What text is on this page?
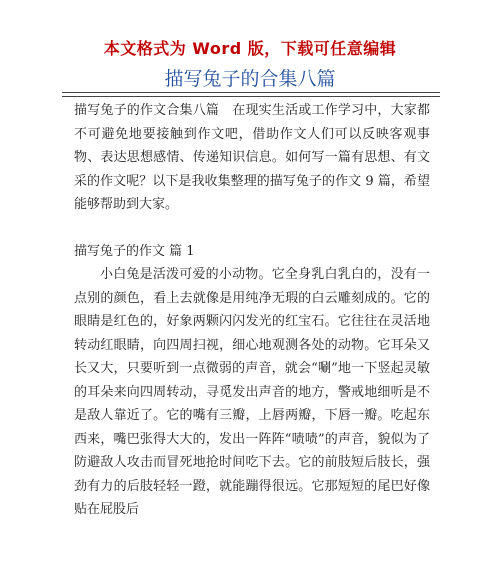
本文格式为 Word 版，下载可任意编辑
描写兔子的合集八篇

描写兔子的作文合集八篇　在现实生活或工作学习中，大家都不可避免地要接触到作文吧，借助作文人们可以反映客观事物、表达思想感情、传递知识信息。如何写一篇有思想、有文采的作文呢？以下是我收集整理的描写兔子的作文 9 篇，希望能够帮助到大家。

描写兔子的作文 篇 1

小白兔是活泼可爱的小动物。它全身乳白乳白的，没有一点别的颜色，看上去就像是用纯净无瑕的白云雕刻成的。它的眼睛是红色的，好象两颗闪闪发光的红宝石。它往往在灵活地转动红眼睛，向四周扫视，细心地观测各处的动物。它耳朵又长又大，只要听到一点微弱的声音，就会“唰”地一下竖起灵敏的耳朵来向四周转动，寻觅发出声音的地方，警戒地细听是不是敌人靠近了。它的嘴有三瓣，上唇两瓣，下唇一瓣。吃起东西来，嘴巴张得大大的，发出一阵阵“啧啧”的声音，貌似为了防避敌人攻击而冒死地抢时间吃下去。它的前肢短后肢长，强劲有力的后肢轻轻一蹬，就能蹦得很远。它那短短的尾巴好像贴在屁股后
